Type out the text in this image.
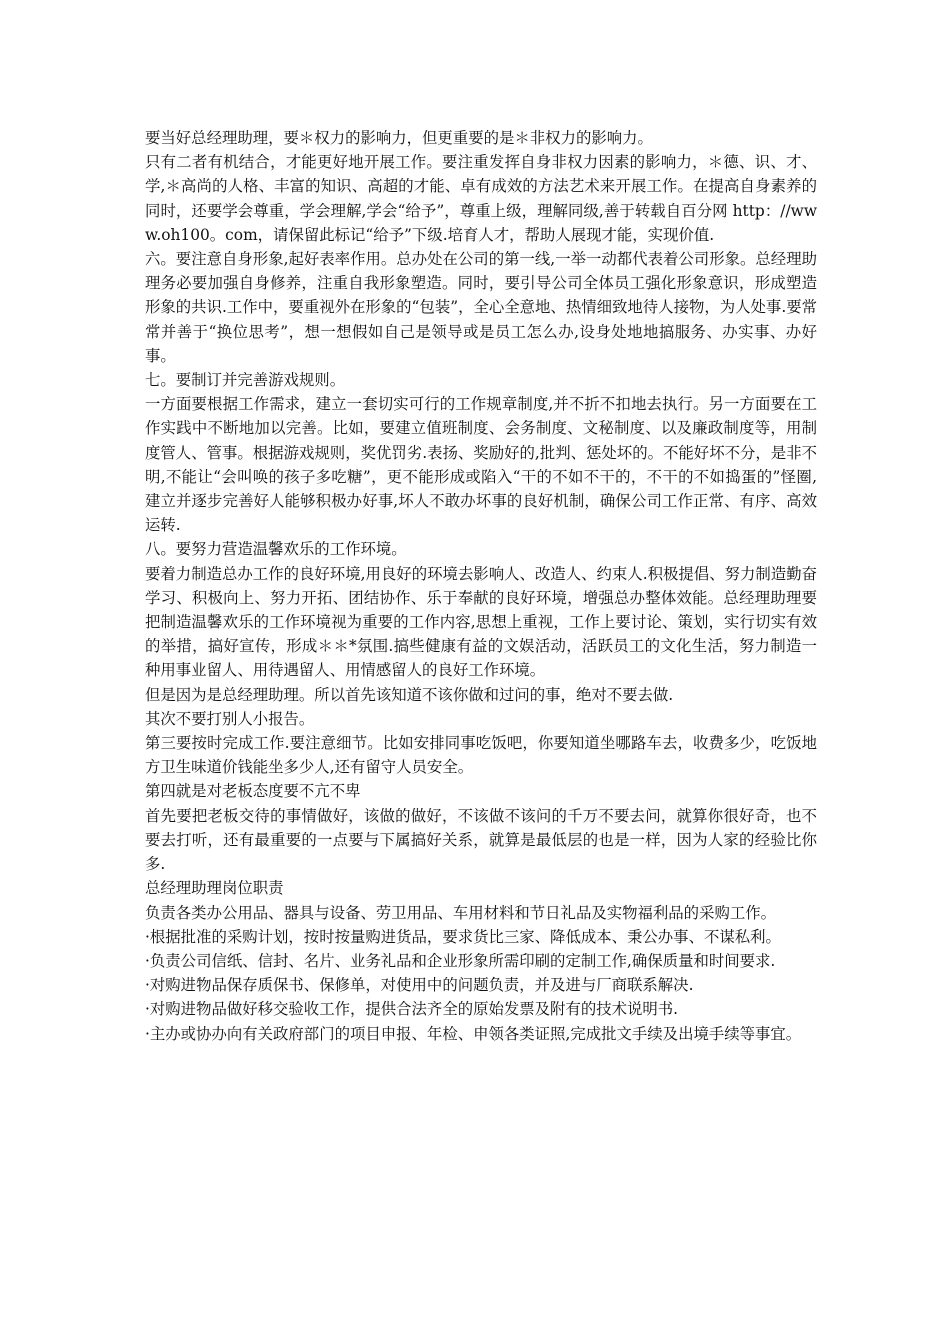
要当好总经理助理，要＊权力的影响力，但更重要的是＊非权力的影响力。

只有二者有机结合，才能更好地开展工作。要注重发挥自身非权力因素的影响力，＊德、识、才、学,＊高尚的人格、丰富的知识、高超的才能、卓有成效的方法艺术来开展工作。在提高自身素养的同时，还要学会尊重，学会理解,学会“给予”，尊重上级，理解同级,善于转载自百分网 http：//www.oh100。com，请保留此标记“给予”下级.培育人才，帮助人展现才能，实现价值.

六。要注意自身形象,起好表率作用。总办处在公司的第一线,一举一动都代表着公司形象。总经理助理务必要加强自身修养，注重自我形象塑造。同时，要引导公司全体员工强化形象意识，形成塑造形象的共识.工作中，要重视外在形象的“包装”，全心全意地、热情细致地待人接物，为人处事.要常常并善于“换位思考”，想一想假如自己是领导或是员工怎么办,设身处地地搞服务、办实事、办好事。

七。要制订并完善游戏规则。

一方面要根据工作需求，建立一套切实可行的工作规章制度,并不折不扣地去执行。另一方面要在工作实践中不断地加以完善。比如，要建立值班制度、会务制度、文秘制度、以及廉政制度等，用制度管人、管事。根据游戏规则，奖优罚劣.表扬、奖励好的,批判、惩处坏的。不能好坏不分，是非不明,不能让“会叫唤的孩子多吃糖”，更不能形成或陷入“干的不如不干的，不干的不如捣蛋的”怪圈,建立并逐步完善好人能够积极办好事,坏人不敢办坏事的良好机制，确保公司工作正常、有序、高效运转.

八。要努力营造温馨欢乐的工作环境。

要着力制造总办工作的良好环境,用良好的环境去影响人、改造人、约束人.积极提倡、努力制造勤奋学习、积极向上、努力开拓、团结协作、乐于奉献的良好环境，增强总办整体效能。总经理助理要把制造温馨欢乐的工作环境视为重要的工作内容,思想上重视，工作上要讨论、策划，实行切实有效的举措，搞好宣传，形成＊＊*氛围.搞些健康有益的文娱活动，活跃员工的文化生活，努力制造一种用事业留人、用待遇留人、用情感留人的良好工作环境。

但是因为是总经理助理。所以首先该知道不该你做和过问的事，绝对不要去做.

其次不要打别人小报告。

第三要按时完成工作.要注意细节。比如安排同事吃饭吧，你要知道坐哪路车去，收费多少，吃饭地方卫生味道价钱能坐多少人,还有留守人员安全。

第四就是对老板态度要不亢不卑

首先要把老板交待的事情做好，该做的做好，不该做不该问的千万不要去问，就算你很好奇，也不要去打听，还有最重要的一点要与下属搞好关系，就算是最低层的也是一样，因为人家的经验比你多.

总经理助理岗位职责

负责各类办公用品、器具与设备、劳卫用品、车用材料和节日礼品及实物福利品的采购工作。

·根据批准的采购计划，按时按量购进货品，要求货比三家、降低成本、秉公办事、不谋私利。

·负责公司信纸、信封、名片、业务礼品和企业形象所需印刷的定制工作,确保质量和时间要求.

·对购进物品保存质保书、保修单，对使用中的问题负责，并及进与厂商联系解决.

·对购进物品做好移交验收工作，提供合法齐全的原始发票及附有的技术说明书.

·主办或协办向有关政府部门的项目申报、年检、申领各类证照,完成批文手续及出境手续等事宜。
